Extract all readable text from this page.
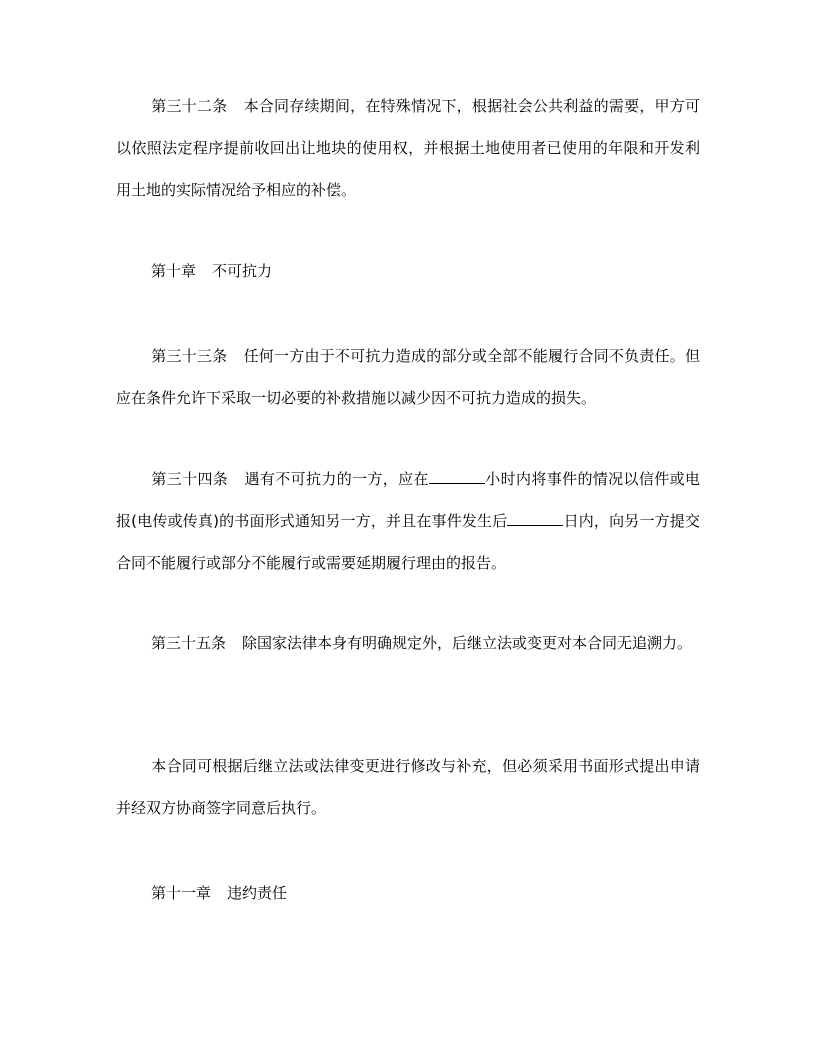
第三十二条 本合同存续期间，在特殊情况下，根据社会公共利益的需要，甲方可以依照法定程序提前收回出让地块的使用权，并根据土地使用者已使用的年限和开发利用土地的实际情况给予相应的补偿。

第十章 不可抗力

第三十三条 任何一方由于不可抗力造成的部分或全部不能履行合同不负责任。但应在条件允许下采取一切必要的补救措施以减少因不可抗力造成的损失。

第三十四条 遇有不可抗力的一方，应在	小时内将事件的情况以信件或电报(电传或传真)的书面形式通知另一方，并且在事件发生后	日内，向另一方提交合同不能履行或部分不能履行或需要延期履行理由的报告。

第三十五条 除国家法律本身有明确规定外，后继立法或变更对本合同无追溯力。

本合同可根据后继立法或法律变更进行修改与补充，但必须采用书面形式提出申请并经双方协商签字同意后执行。

第十一章 违约责任
